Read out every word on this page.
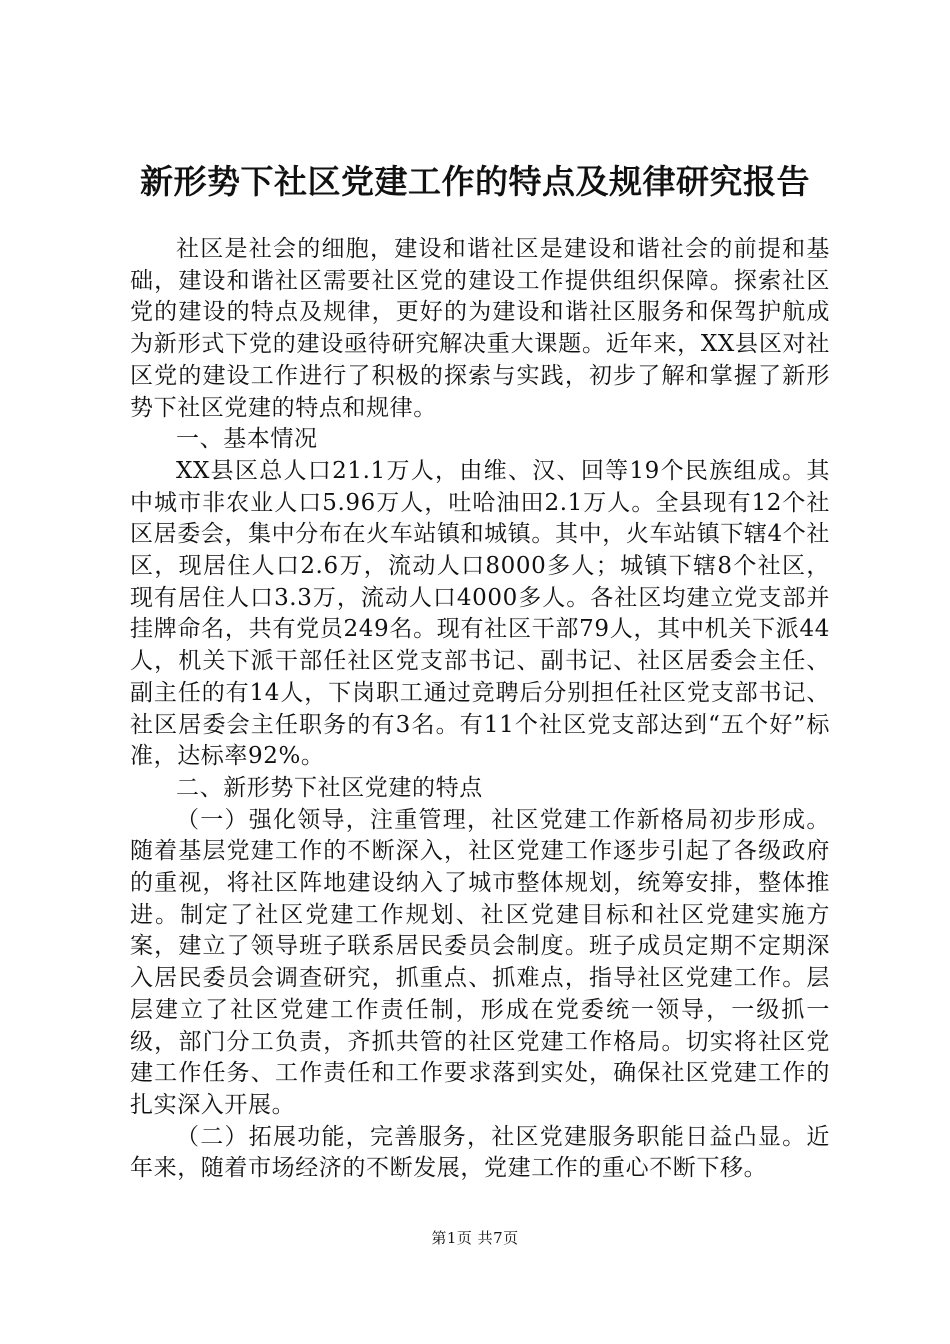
新形势下社区党建工作的特点及规律研究报告

社区是社会的细胞，建设和谐社区是建设和谐社会的前提和基础，建设和谐社区需要社区党的建设工作提供组织保障。探索社区党的建设的特点及规律，更好的为建设和谐社区服务和保驾护航成为新形式下党的建设亟待研究解决重大课题。近年来，XX县区对社区党的建设工作进行了积极的探索与实践，初步了解和掌握了新形势下社区党建的特点和规律。

一、基本情况

XX县区总人口21.1万人，由维、汉、回等19个民族组成。其中城市非农业人口5.96万人，吐哈油田2.1万人。全县现有12个社区居委会，集中分布在火车站镇和城镇。其中，火车站镇下辖4个社区，现居住人口2.6万，流动人口8000多人；城镇下辖8个社区，现有居住人口3.3万，流动人口4000多人。各社区均建立党支部并挂牌命名，共有党员249名。现有社区干部79人，其中机关下派44人，机关下派干部任社区党支部书记、副书记、社区居委会主任、副主任的有14人，下岗职工通过竞聘后分别担任社区党支部书记、社区居委会主任职务的有3名。有11个社区党支部达到“五个好”标准，达标率92%。

二、新形势下社区党建的特点

（一）强化领导，注重管理，社区党建工作新格局初步形成。随着基层党建工作的不断深入，社区党建工作逐步引起了各级政府的重视，将社区阵地建设纳入了城市整体规划，统筹安排，整体推进。制定了社区党建工作规划、社区党建目标和社区党建实施方案，建立了领导班子联系居民委员会制度。班子成员定期不定期深入居民委员会调查研究，抓重点、抓难点，指导社区党建工作。层层建立了社区党建工作责任制，形成在党委统一领导，一级抓一级，部门分工负责，齐抓共管的社区党建工作格局。切实将社区党建工作任务、工作责任和工作要求落到实处，确保社区党建工作的扎实深入开展。

（二）拓展功能，完善服务，社区党建服务职能日益凸显。近年来，随着市场经济的不断发展，党建工作的重心不断下移。

第1页 共7页
